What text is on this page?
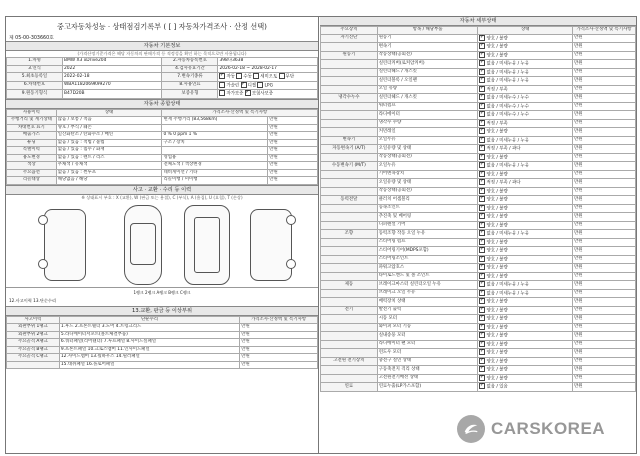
중고자동차성능 · 상태점검기록부 ( [ ] 자동차가격조사 · 산정 선택)
제 05-00-303660호
자동차 기본정보
(가격산정기준가격은 해당 자동차의 판매가격 등 적정성을 확인 하는 목적으로만 사용됩니다)
1.차명	BMW X3 xDrive20d	2.자동차등록번호	398다3638
3.연식	2022	4.검사유효기간	2026-02-18 ~ 2028-02-17
5.최초등록일	2022-02-18	7.변속기종류	✓자동 수동 세미오토 무단
6.차대번호	WBA1182069K99270	8.사용연료	가솔린 ✓ 디젤 LPG
9.원동기형식	B47D20B	보증유형	자가보증 ✓ 보험사보증
자동차 종합상태
사용이력	상태	가격조사·산정액 및 특기사항	
주행거리 및 계기상태	많음 / 보통 / 적음	현재 주행거리 [83,568km]	만원
차대번호 표기	양호 / 부식 / 훼손		만원
배출가스	일산화탄소 / 탄화수소 / 매연	0 % 0 ppm 1 %	만원
튜닝	없음 / 있음 : 적법 / 불법	구조 / 장치	만원
특별이력	없음 / 있음 : 침수 / 화재		만원
용도변경	없음 / 있음 : 렌트 / 리스	영업용	만원
색상	무채색 / 유채색	전체도색 / 색상변경	만원
주요옵션	없음 / 있음 : 썬루프	네비게이션 / 기타	만원
리콜대상	해당없음 / 해당	리콜이행 / 미이행	만원
사고 · 교환 · 수리 등 이력
※ 상태표시 부호 : X (교환), W (판금 또는 용접), C (부식), A (흠집), U (요철), T (손상)
1랭크 2랭크 A랭크 B랭크 C랭크
12.사고이력 13.단순수리
13.교환, 판금 등 이상부위
사고이력	단순수리	가격조사·산정액 및 특기사항
외판부위 1랭크	1.후드 2.프론트휀더 3.도어 4.트렁크리드	만원
외판부위 2랭크	5.라디에이터서포트(볼트체결부품)	만원
주요골격 A랭크	6.쿼터패널(리어휀더) 7.루프패널 8.사이드실패널	만원
주요골격 B랭크	9.프론트패널 10.크로스멤버 11.인사이드패널	만원
주요골격 C랭크	12.사이드멤버 13.휠하우스 14.필러패널	만원
	15.대쉬패널 16.플로어패널	만원
자동차 세부상태
주요장치	항목 / 해당부품	상태	가격조사·산정액 및 특기사항
자기진단	원동기	✓양호 / 불량	만원
	변속기	✓양호 / 불량	만원
원동기	작동상태(공회전)	✓양호 / 불량	만원
	실린더커버(로커암커버)	✓없음 / 미세누유 / 누유	만원
	실린더헤드 / 개스킷	✓없음 / 미세누유 / 누유	만원
	실린더블록 / 오일팬	✓없음 / 미세누유 / 누유	만원
	오일 유량	✓적정 / 부족	만원
냉각수누수	실린더헤드 / 개스킷	✓없음 / 미세누수 / 누수	만원
	워터펌프	✓없음 / 미세누수 / 누수	만원
	라디에이터	✓없음 / 미세누수 / 누수	만원
	냉각수 수량	✓적정 / 부족	만원
	커먼레일	✓양호 / 불량	만원
변속기	오일누유	✓없음 / 미세누유 / 누유	만원
자동변속기 (A/T)	오일유량 및 상태	✓적정 / 부족 / 과다	만원
	작동상태(공회전)	✓양호 / 불량	만원
수동변속기 (M/T)	오일누유	✓없음 / 미세누유 / 누유	만원
	기어변속장치	✓양호 / 불량	만원
	오일유량 및 상태	✓적정 / 부족 / 과다	만원
	작동상태(공회전)	✓양호 / 불량	만원
동력전달	클러치 어셈블리	✓양호 / 불량	만원
	등속조인트	✓양호 / 불량	만원
	추진축 및 베어링	✓양호 / 불량	만원
	디퍼렌셜 기어	✓양호 / 불량	만원
조향	동력조향 작동 오일 누유	✓없음 / 미세누유 / 누유	만원
	스티어링 펌프	✓양호 / 불량	만원
	스티어링기어(MDPS포함)	✓양호 / 불량	만원
	스티어링조인트	✓양호 / 불량	만원
	파워고압호스	✓양호 / 불량	만원
	타이로드엔드 및 볼 조인트	✓양호 / 불량	만원
제동	브레이크마스터 실린더오일 누유	✓없음 / 미세누유 / 누유	만원
	브레이크 오일 누유	✓없음 / 미세누유 / 누유	만원
	배력장치 상태	✓양호 / 불량	만원
전기	발전기 출력	✓양호 / 불량	만원
	시동 모터	✓양호 / 불량	만원
	와이퍼 모터 기능	✓양호 / 불량	만원
	실내송풍 모터	✓양호 / 불량	만원
	라디에이터 팬 모터	✓양호 / 불량	만원
	윈도우 모터	✓양호 / 불량	만원
고전원 전기장치	충전구 절연 상태	✓양호 / 불량	만원
	구동축전지 격리 상태	✓양호 / 불량	만원
	고전원전기배선 상태	✓양호 / 불량	만원
연료	연료누출(LP가스포함)	✓없음 / 있음	만원
CARSKOREA
